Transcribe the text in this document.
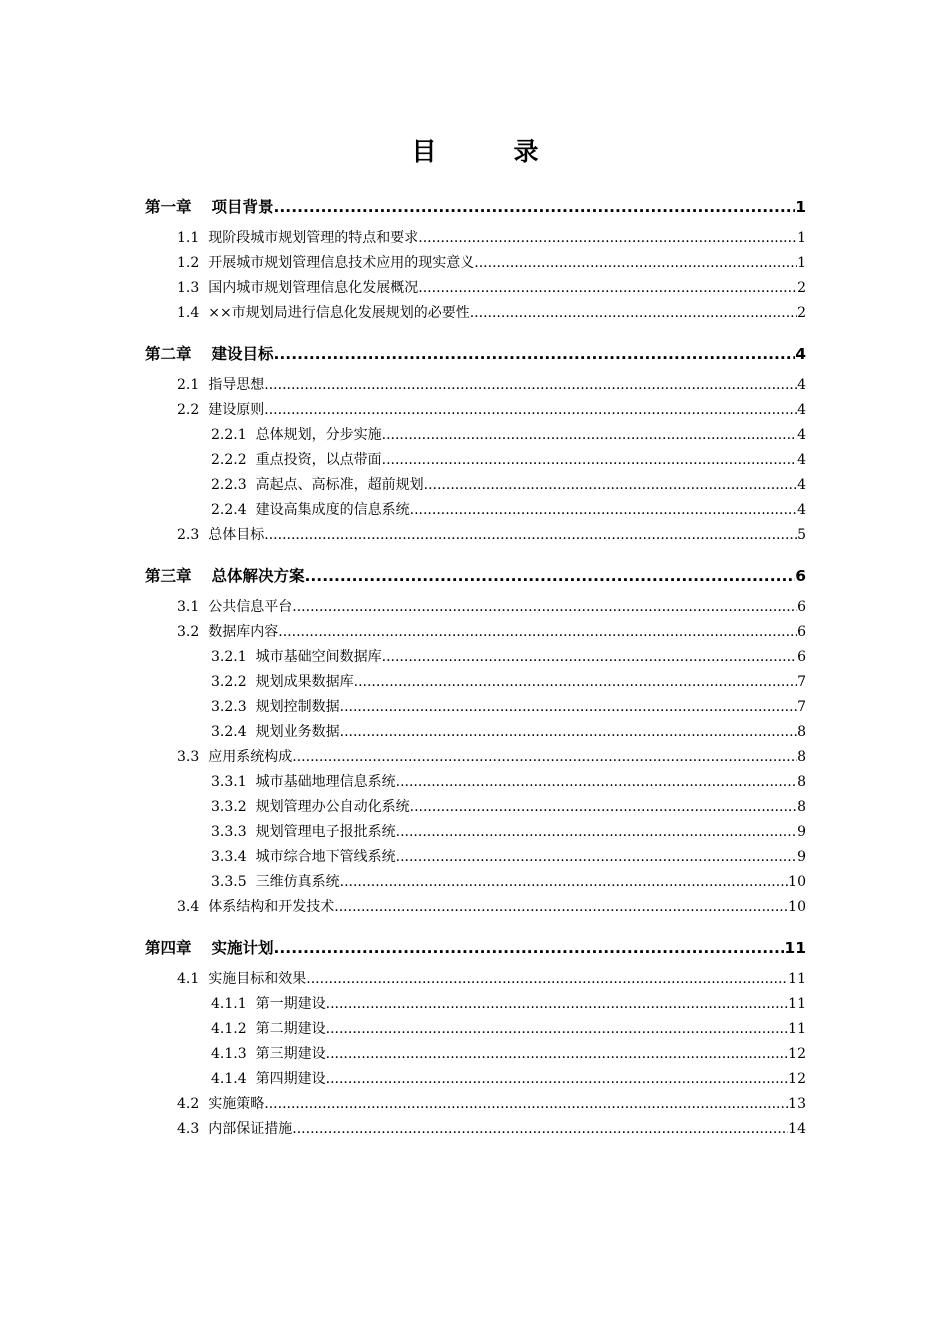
目　录
第一章 项目背景 .....	1
1.1 现阶段城市规划管理的特点和要求 .....	1
1.2 开展城市规划管理信息技术应用的现实意义 .....	1
1.3 国内城市规划管理信息化发展概况 .....	2
1.4 ××市规划局进行信息化发展规划的必要性 .....	2
第二章 建设目标 .....	4
2.1 指导思想 .....	4
2.2 建设原则 .....	4
2.2.1 总体规划，分步实施 .....	4
2.2.2 重点投资，以点带面 .....	4
2.2.3 高起点、高标准，超前规划 .....	4
2.2.4 建设高集成度的信息系统 .....	4
2.3 总体目标 .....	5
第三章 总体解决方案 .....	6
3.1 公共信息平台 .....	6
3.2 数据库内容 .....	6
3.2.1 城市基础空间数据库 .....	6
3.2.2 规划成果数据库 .....	7
3.2.3 规划控制数据 .....	7
3.2.4 规划业务数据 .....	8
3.3 应用系统构成 .....	8
3.3.1 城市基础地理信息系统 .....	8
3.3.2 规划管理办公自动化系统 .....	8
3.3.3 规划管理电子报批系统 .....	9
3.3.4 城市综合地下管线系统 .....	9
3.3.5 三维仿真系统 .....	10
3.4 体系结构和开发技术 .....	10
第四章 实施计划 .....	11
4.1 实施目标和效果 .....	11
4.1.1 第一期建设 .....	11
4.1.2 第二期建设 .....	11
4.1.3 第三期建设 .....	12
4.1.4 第四期建设 .....	12
4.2 实施策略 .....	13
4.3 内部保证措施 .....	14
